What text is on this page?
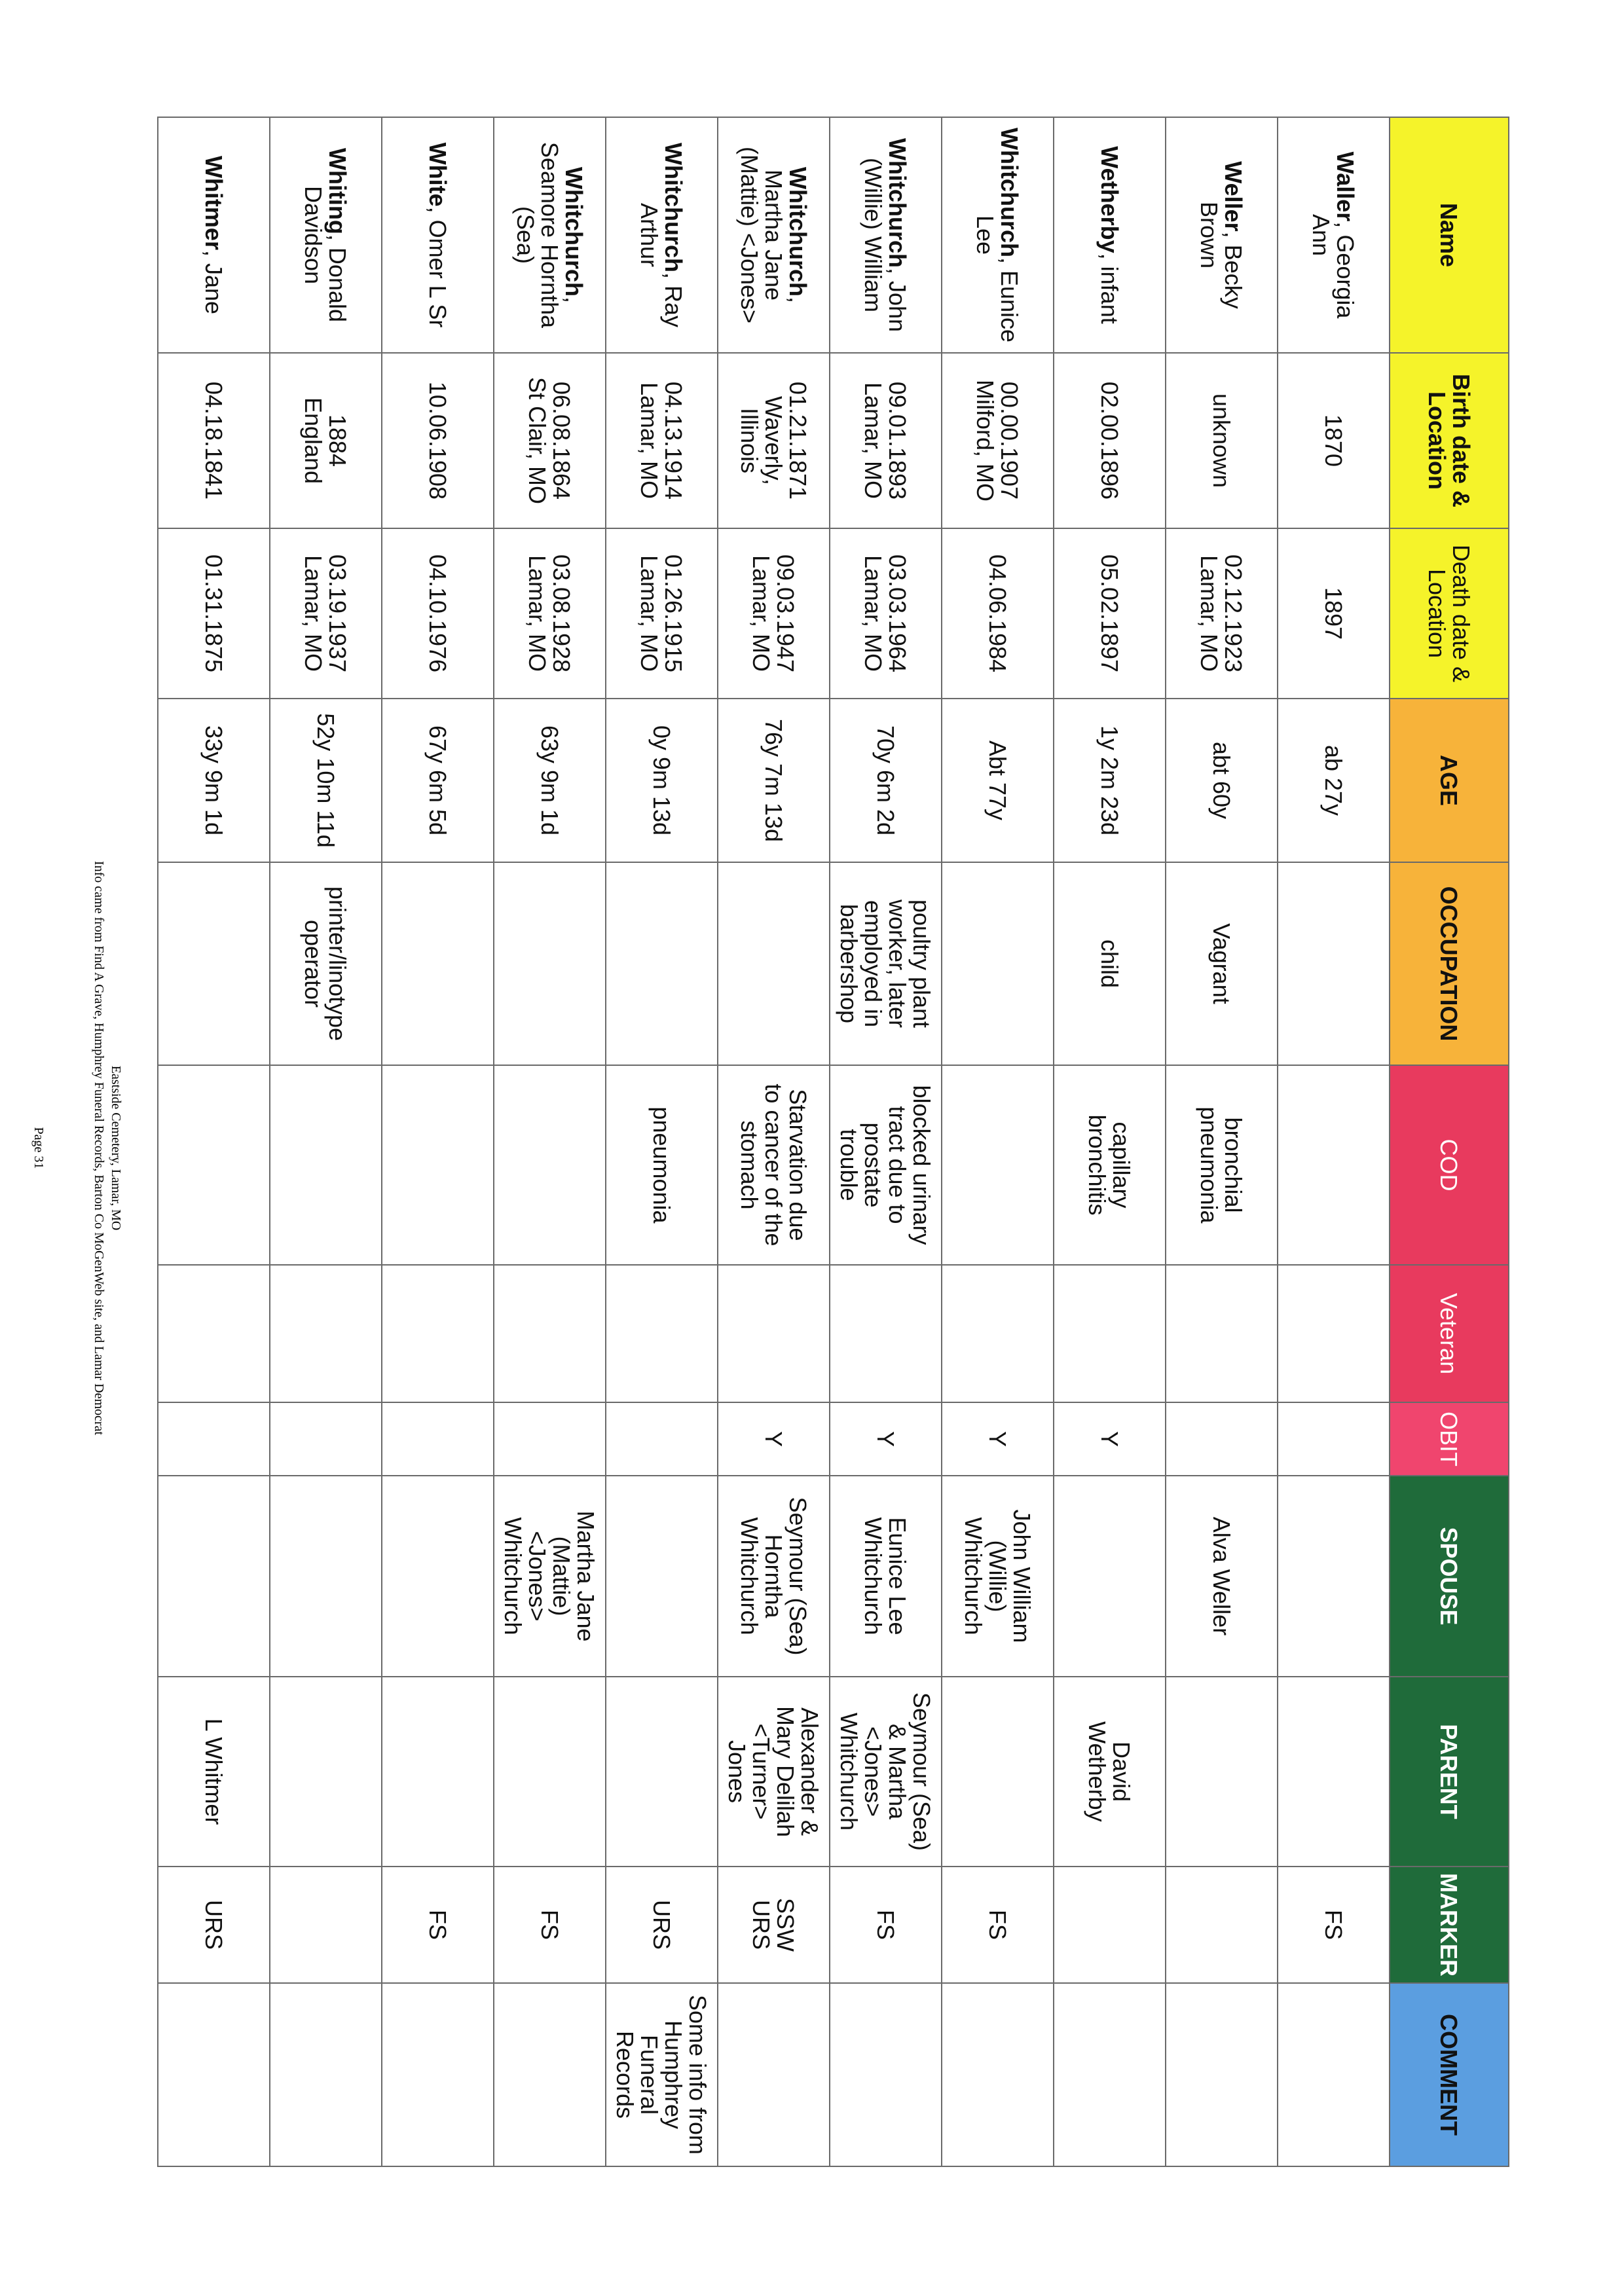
Eastside Cemetery, Lamar, MO
Info came from Find A Grave, Humphrey Funeral Records, Barton Co MoGenWeb site, and Lamar Democrat
Name	Birth date &
Location	Death date &
Location	AGE	OCCUPATION	COD	Veteran	OBIT	SPOUSE	PARENT	MARKER	COMMENT
Waller, Georgia
Ann	1870	1897	ab 27y							FS	
Weller, Becky
Brown	unknown	02.12.1923
Lamar, MO	abt 60y	Vagrant	bronchial
pneumonia			Alva Weller			
Wetherby, infant	02.00.1896	05.02.1897	1y 2m 23d	child	capillary
bronchitis		Y		David
Wetherby		
Whitchurch, Eunice
Lee	00.00.1907
Milford, MO	04.06.1984	Abt 77y				Y	John William
(Willie)
Whitchurch		FS	
Whitchurch, John
(Willie) William	09.01.1893
Lamar, MO	03.03.1964
Lamar, MO	70y 6m 2d	poultry plant
worker, later
employed in
barbershop	blocked urinary
tract due to
prostate
trouble		Y	Eunice Lee
Whitchurch	Seymour (Sea)
& Martha
<Jones>
Whitchurch	FS	
Whitchurch,
Martha Jane
(Mattie) <Jones>	01.21.1871
Waverly,
Illinois	09.03.1947
Lamar, MO	76y 7m 13d		Starvation due
to cancer of the
stomach		Y	Seymour (Sea)
Horntha
Whitchurch	Alexander &
Mary Delilah
<Turner>
Jones	SSW
URS	
Whitchurch, Ray
Arthur	04.13.1914
Lamar, MO	01.26.1915
Lamar, MO	0y 9m 13d		pneumonia					URS	Some info from
Humphrey Funeral
Records
Whitchurch,
Seamore Horntha
(Sea)	06.08.1864
St Clair, MO	03.08.1928
Lamar, MO	63y 9m 1d					Martha Jane
(Mattie)
<Jones>
Whitchurch		FS	
White, Omer L Sr	10.06.1908	04.10.1976	67y 6m 5d							FS	
Whiting, Donald
Davidson	1884
England	03.19.1937
Lamar, MO	52y 10m 11d	printer/linotype
operator							
Whitmer, Jane	04.18.1841	01.31.1875	33y 9m 1d						L Whitmer	URS	
Page 31
